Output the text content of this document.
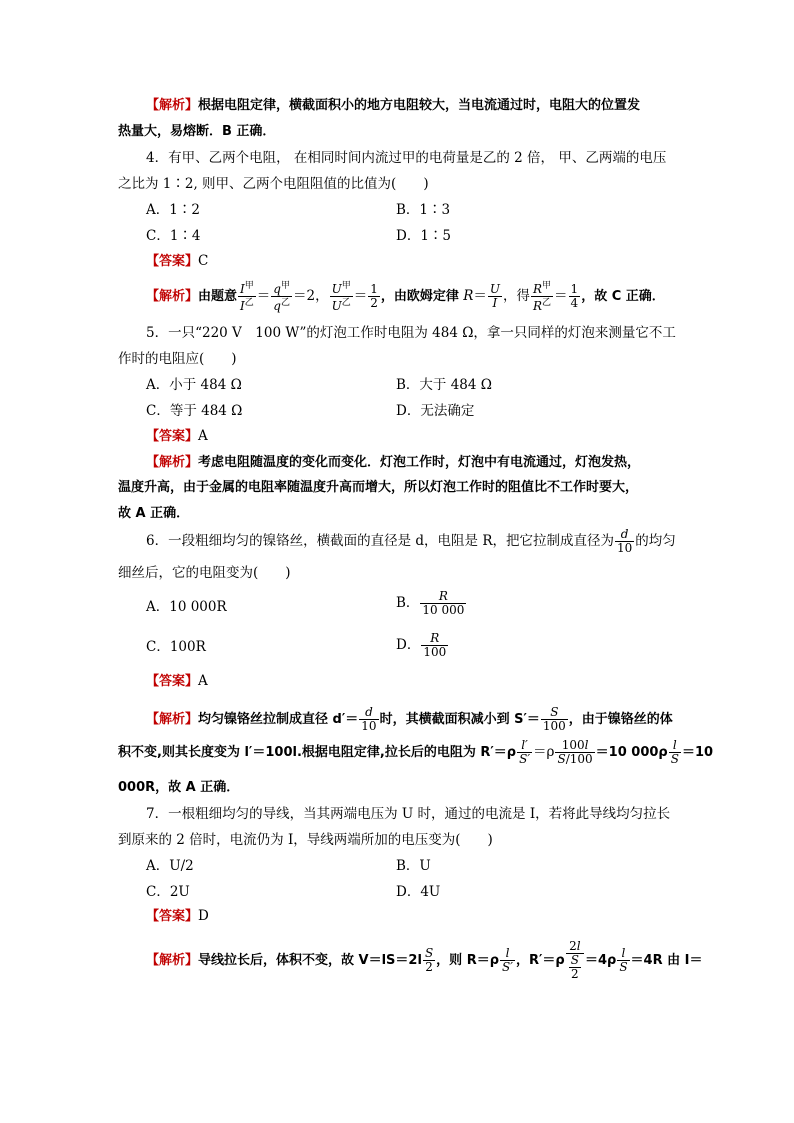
【解析】根据电阻定律，横截面积小的地方电阻较大，当电流通过时，电阻大的位置发
热量大，易熔断．B 正确．
4．有甲、乙两个电阻， 在相同时间内流过甲的电荷量是乙的 2 倍， 甲、乙两端的电压
之比为 1∶2, 则甲、乙两个电阻阻值的比值为(　　)
A．1∶2	B．1∶3
C．1∶4	D．1∶5
【答案】C
【解析】由题意 $\frac{I^甲}{I^乙} = \frac{q^甲}{q^乙} =2$， $\frac{U^甲}{U^乙} = \frac{1}{2}$ ，由欧姆定律 $R= \frac{U}{I}$ ，得 $\frac{R^甲}{R^乙} = \frac{1}{4}$ ，故 C 正确．
5．一只“220 V　100 W”的灯泡工作时电阻为 484 Ω，拿一只同样的灯泡来测量它不工
作时的电阻应(　　)
A．小于 484 Ω	B．大于 484 Ω
C．等于 484 Ω	D．无法确定
【答案】A
【解析】考虑电阻随温度的变化而变化．灯泡工作时，灯泡中有电流通过，灯泡发热，
温度升高，由于金属的电阻率随温度升高而增大，所以灯泡工作时的阻值比不工作时要大，
故 A 正确．
6．一段粗细均匀的镍铬丝，横截面的直径是 d，电阻是 R，把它拉制成直径为 $\frac{d}{10}$ 的均匀
细丝后，它的电阻变为(　　)
A．10 000R	B． $\frac{R}{10 000}$
C．100R	D． $\frac{R}{100}$
【答案】A
【解析】均匀镍铬丝拉制成直径 $d'= \frac{d}{10}$ 时，其横截面积减小到 $S'= \frac{S}{100}$ ，由于镍铬丝的体
积不变,则其长度变为 l′＝100l.根据电阻定律,拉长后的电阻为 $R'=\rho \frac{l'}{S'} =\rho \frac{100l}{S/100} =10$ $000\rho \frac{l}{S} =10$
000R，故 A 正确．
7．一根粗细均匀的导线，当其两端电压为 U 时，通过的电流是 I，若将此导线均匀拉长
到原来的 2 倍时，电流仍为 I，导线两端所加的电压变为(　　)
A．U/2	B．U
C．2U	D．4U
【答案】D
【解析】导线拉长后，体积不变，故 $V=lS=2l \frac{S}{2}$ ，则 $R=\rho \frac{l}{S'}$ ，$R'=\rho \frac{2l}{\frac{S}{2}} =4\rho \frac{l}{S} =4R$ 由 I＝
